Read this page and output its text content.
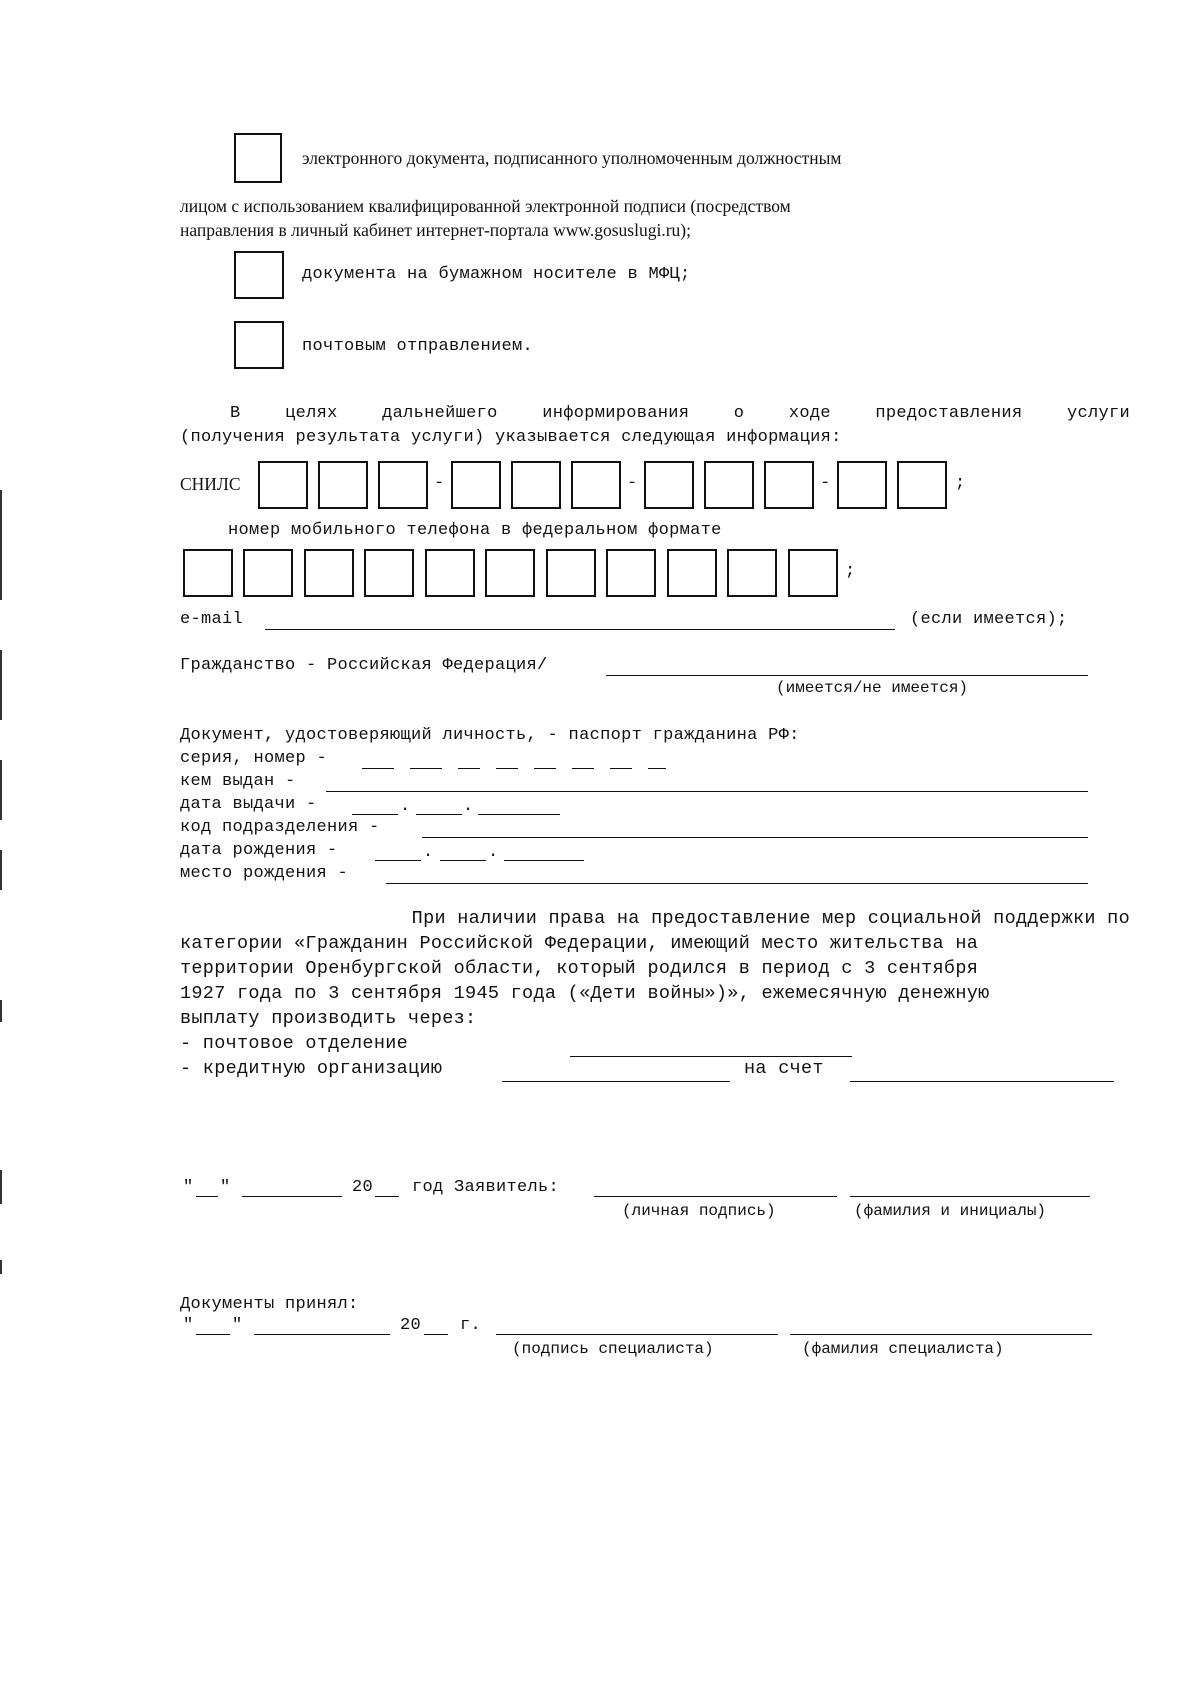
электронного документа, подписанного уполномоченным должностным
лицом с использованием квалифицированной электронной подписи (посредством
направления в личный кабинет интернет-портала www.gosuslugi.ru);
документа на бумажном носителе в МФЦ;
почтовым отправлением.
В	целях	дальнейшего	информирования	о	ходе	предоставления	услуги
(получения результата услуги) указывается следующая информация:
СНИЛС	-	-	-	;
номер мобильного телефона в федеральном формате
;
e-mail	(если имеется);
Гражданство - Российская Федерация/
(имеется/не имеется)
Документ, удостоверяющий личность, - паспорт гражданина РФ:
серия, номер -
кем выдан -
дата выдачи -	.	.
код подразделения -
дата рождения -	.	.
место рождения -
При наличии права на предоставление мер социальной поддержки по
категории «Гражданин Российской Федерации, имеющий место жительства на
территории Оренбургской области, который родился в период с 3 сентября
1927 года по 3 сентября 1945 года («Дети войны»)», ежемесячную денежную
выплату производить через:
- почтовое отделение
- кредитную организацию	на счет
" "	20 год Заявитель:
(личная подпись)	(фамилия и инициалы)
Документы принял:
" "	20 г.
(подпись специалиста)	(фамилия специалиста)
